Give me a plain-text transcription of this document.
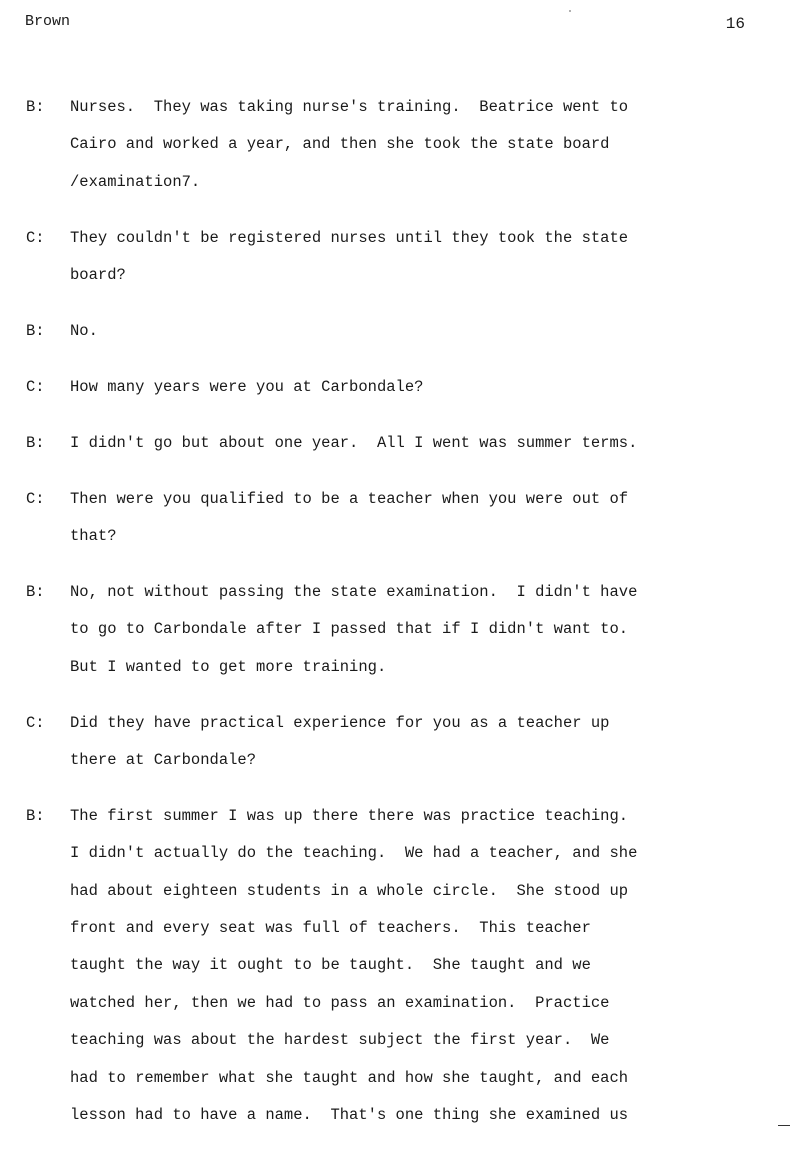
Brown	16
B: Nurses.  They was taking nurse's training.  Beatrice went to
Cairo and worked a year, and then she took the state board
/examination7.
C: They couldn't be registered nurses until they took the state
board?
B: No.
C: How many years were you at Carbondale?
B: I didn't go but about one year.  All I went was summer terms.
C: Then were you qualified to be a teacher when you were out of
that?
B: No, not without passing the state examination.  I didn't have
to go to Carbondale after I passed that if I didn't want to.
But I wanted to get more training.
C: Did they have practical experience for you as a teacher up
there at Carbondale?
B: The first summer I was up there there was practice teaching.
I didn't actually do the teaching.  We had a teacher, and she
had about eighteen students in a whole circle.  She stood up
front and every seat was full of teachers.  This teacher
taught the way it ought to be taught.  She taught and we
watched her, then we had to pass an examination.  Practice
teaching was about the hardest subject the first year.  We
had to remember what she taught and how she taught, and each
lesson had to have a name.  That's one thing she examined us
